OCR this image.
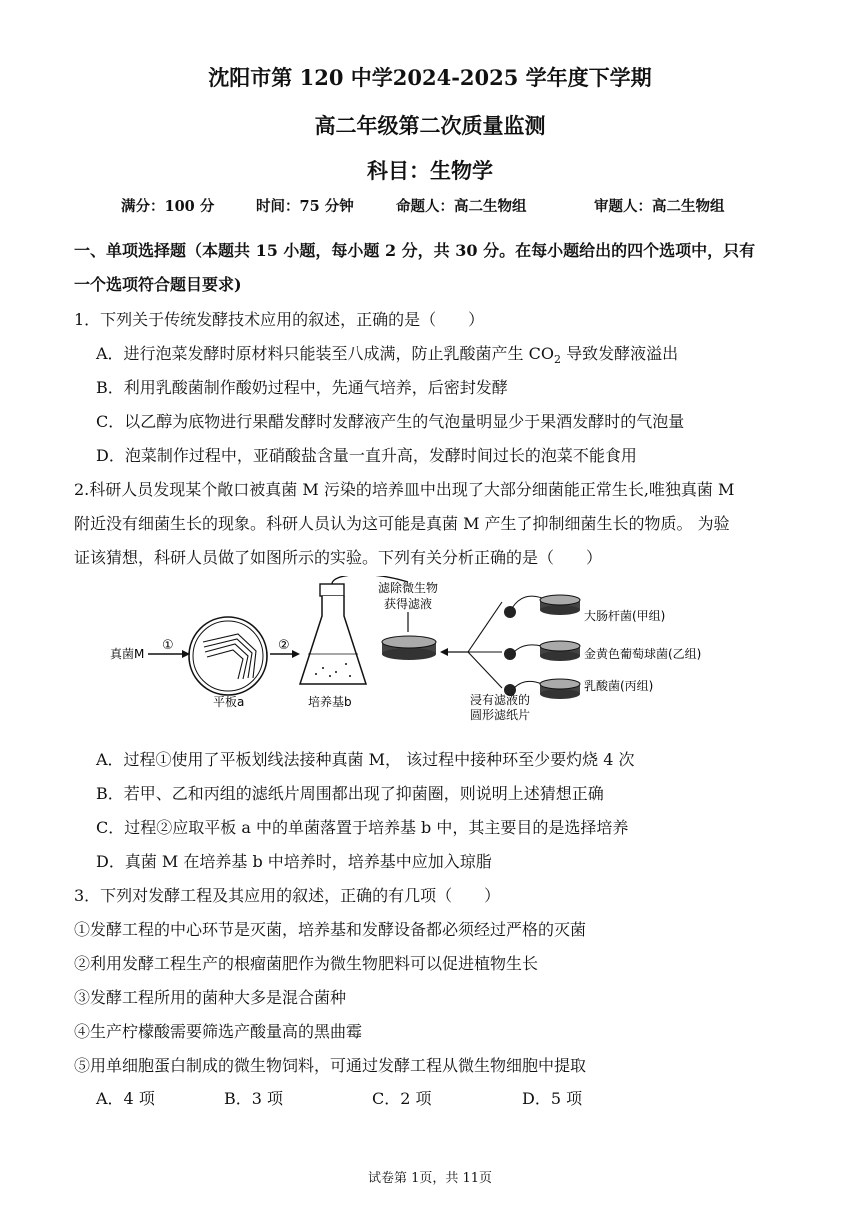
沈阳市第 120 中学2024-2025 学年度下学期
高二年级第二次质量监测
科目：生物学
满分：100 分	时间：75 分钟	命题人：高二生物组	审题人：高二生物组
一、单项选择题（本题共 15 小题，每小题 2 分，共 30 分。在每小题给出的四个选项中，只有
一个选项符合题目要求)
1．下列关于传统发酵技术应用的叙述，正确的是（　　）
A．进行泡菜发酵时原材料只能装至八成满，防止乳酸菌产生 $CO_2$ 导致发酵液溢出
B．利用乳酸菌制作酸奶过程中，先通气培养，后密封发酵
C．以乙醇为底物进行果醋发酵时发酵液产生的气泡量明显少于果酒发酵时的气泡量
D．泡菜制作过程中，亚硝酸盐含量一直升高，发酵时间过长的泡菜不能食用
2.科研人员发现某个敞口被真菌 M 污染的培养皿中出现了大部分细菌能正常生长,唯独真菌 M
附近没有细菌生长的现象。科研人员认为这可能是真菌 M 产生了抑制细菌生长的物质。 为验
证该猜想，科研人员做了如图所示的实验。下列有关分析正确的是（　　）
真菌M
①
平板a
②
培养基b
滤除微生物
获得滤液
大肠杆菌(甲组)
金黄色葡萄球菌(乙组)
乳酸菌(丙组)
浸有滤液的
圆形滤纸片
A．过程①使用了平板划线法接种真菌 M， 该过程中接种环至少要灼烧 4 次
B．若甲、乙和丙组的滤纸片周围都出现了抑菌圈，则说明上述猜想正确
C．过程②应取平板 a 中的单菌落置于培养基 b 中，其主要目的是选择培养
D．真菌 M 在培养基 b 中培养时，培养基中应加入琼脂
3．下列对发酵工程及其应用的叙述，正确的有几项（　　）
①发酵工程的中心环节是灭菌，培养基和发酵设备都必须经过严格的灭菌
②利用发酵工程生产的根瘤菌肥作为微生物肥料可以促进植物生长
③发酵工程所用的菌种大多是混合菌种
④生产柠檬酸需要筛选产酸量高的黑曲霉
⑤用单细胞蛋白制成的微生物饲料，可通过发酵工程从微生物细胞中提取
A．4 项	B．3 项	C．2 项	D．5 项
试卷第 1页，共 11页
